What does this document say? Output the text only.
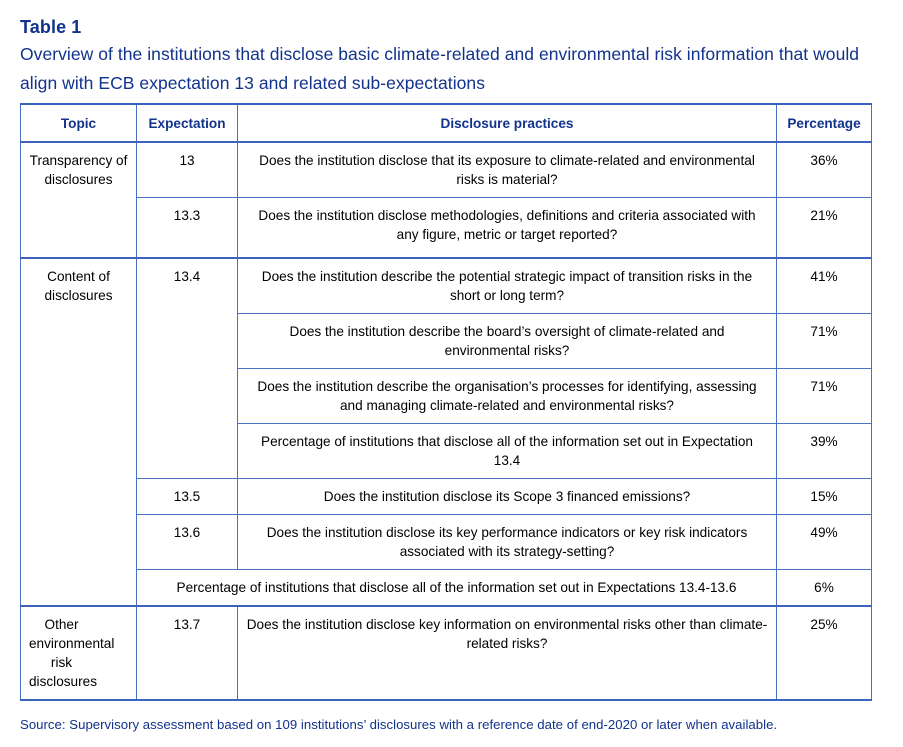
Table 1
Overview of the institutions that disclose basic climate-related and environmental risk information that would align with ECB expectation 13 and related sub-expectations
Topic	Expectation	Disclosure practices	Percentage
Transparency of disclosures	13	Does the institution disclose that its exposure to climate-related and environmental risks is material?	36%
	13.3	Does the institution disclose methodologies, definitions and criteria associated with any figure, metric or target reported?	21%
Content of disclosures	13.4	Does the institution describe the potential strategic impact of transition risks in the short or long term?	41%
		Does the institution describe the board’s oversight of climate-related and environmental risks?	71%
		Does the institution describe the organisation’s processes for identifying, assessing and managing climate-related and environmental risks?	71%
		Percentage of institutions that disclose all of the information set out in Expectation 13.4	39%
	13.5	Does the institution disclose its Scope 3 financed emissions?	15%
	13.6	Does the institution disclose its key performance indicators or key risk indicators associated with its strategy-setting?	49%
	Percentage of institutions that disclose all of the information set out in Expectations 13.4-13.6		6%
Other environmental risk disclosures	13.7	Does the institution disclose key information on environmental risks other than climate-related risks?	25%
Source: Supervisory assessment based on 109 institutions’ disclosures with a reference date of end-2020 or later when available.
